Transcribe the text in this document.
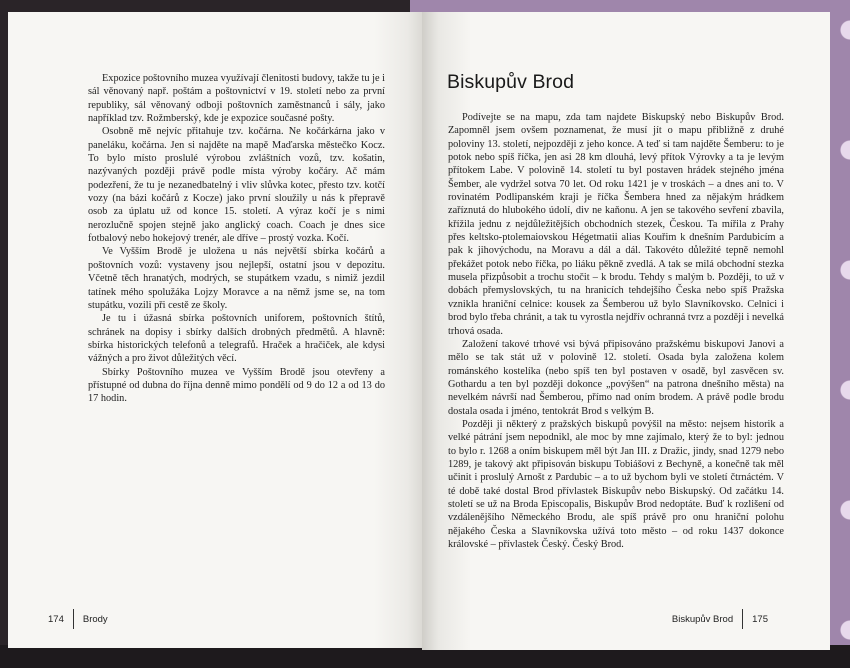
Expozice poštovního muzea využívají členitosti budovy, takže tu je i sál věnovaný např. poštám a poštovnictví v 19. století nebo za první republiky, sál věnovaný odboji poštovních zaměstnanců i sály, jako například tzv. Rožmberský, kde je expozice současné pošty.

Osobně mě nejvíc přitahuje tzv. kočárna. Ne kočárkárna jako v paneláku, kočárna. Jen si najděte na mapě Maďarska městečko Kocz. To bylo místo proslulé výrobou zvláštních vozů, tzv. košatin, nazývaných později právě podle místa výroby kočáry. Ač mám podezření, že tu je nezanedbatelný i vliv slůvka kotec, přesto tzv. kotčí vozy (na bázi kočárů z Kocze) jako první sloužily u nás k přepravě osob za úplatu už od konce 15. století. A výraz kočí je s nimi nerozlučně spojen stejně jako anglický coach. Coach je dnes sice fotbalový nebo hokejový trenér, ale dříve – prostý vozka. Kočí.

Ve Vyšším Brodě je uložena u nás největší sbírka kočárů a poštovních vozů: vystaveny jsou nejlepší, ostatní jsou v depozitu. Včetně těch hranatých, modrých, se stupátkem vzadu, s nimiž jezdil tatínek mého spolužáka Lojzy Moravce a na němž jsme se, na tom stupátku, vozili při cestě ze školy.

Je tu i úžasná sbírka poštovních uniforem, poštovních štítů, schránek na dopisy i sbírky dalších drobných předmětů. A hlavně: sbírka historických telefonů a telegrafů. Hraček a hračiček, ale kdysi vážných a pro život důležitých věcí.

Sbírky Poštovního muzea ve Vyšším Brodě jsou otevřeny a přístupné od dubna do října denně mimo pondělí od 9 do 12 a od 13 do 17 hodin.

174 Brody
Biskupův Brod

Podívejte se na mapu, zda tam najdete Biskupský nebo Biskupův Brod. Zapomněl jsem ovšem poznamenat, že musí jít o mapu přibližně z druhé poloviny 13. století, nejpozději z jeho konce. A teď si tam najděte Šemberu: to je potok nebo spíš říčka, jen asi 28 km dlouhá, levý přítok Výrovky a ta je levým přítokem Labe. V polovině 14. století tu byl postaven hrádek stejného jména Šember, ale vydržel sotva 70 let. Od roku 1421 je v troskách – a dnes ani to. V rovinatém Podlipanském kraji je říčka Šembera hned za nějakým hrádkem zaříznutá do hlubokého údolí, div ne kaňonu. A jen se takového sevření zbavila, křížila jednu z nejdůležitějších obchodních stezek, Českou. Ta mířila z Prahy přes keltsko-ptolemaiovskou Hégetmatii alias Kouřim k dnešním Pardubicím a pak k jihovýchodu, na Moravu a dál a dál. Takovéto důležité tepně nemohl překážet potok nebo říčka, po liáku pěkně zvedlá. A tak se milá obchodní stezka musela přizpůsobit a trochu stočit – k brodu. Tehdy s malým b. Později, to už v dobách přemyslovských, tu na hranicích tehdejšího Česka nebo spíš Pražska vznikla hraniční celnice: kousek za Šemberou už bylo Slavníkovsko. Celnici i brod bylo třeba chránit, a tak tu vyrostla nejdřív ochranná tvrz a později i nevelká trhová osada.

Založení takové trhové vsi bývá připisováno pražskému biskupovi Janovi a mělo se tak stát už v polovině 12. století. Osada byla založena kolem románského kostelíka (nebo spíš ten byl postaven v osadě, byl zasvěcen sv. Gothardu a ten byl později dokonce „povýšen“ na patrona dnešního města) na nevelkém návrší nad Šemberou, přímo nad oním brodem. A právě podle brodu dostala osada i jméno, tentokrát Brod s velkým B.

Později ji některý z pražských biskupů povýšil na město: nejsem historik a velké pátrání jsem nepodnikl, ale moc by mne zajímalo, který že to byl: jednou to bylo r. 1268 a oním biskupem měl být Jan III. z Dražic, jindy, snad 1279 nebo 1289, je takový akt připisován biskupu Tobiášovi z Bechyně, a konečně tak měl učinit i proslulý Arnošt z Pardubic – a to už bychom byli ve století čtrnáctém. V té době také dostal Brod přívlastek Biskupův nebo Biskupský. Od začátku 14. století se už na Broda Episcopalis, Biskupův Brod nedoptáte. Buď k rozlišení od vzdálenějšího Německého Brodu, ale spíš právě pro onu hraniční polohu nějakého Česka a Slavníkovska užívá toto město – od roku 1437 dokonce královské – přívlastek Český. Český Brod.

Biskupův Brod 175
